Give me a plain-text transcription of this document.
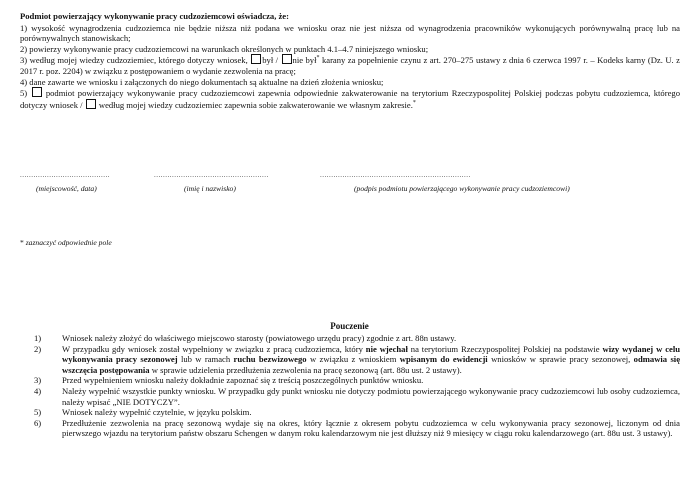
Podmiot powierzający wykonywanie pracy cudzoziemcowi oświadcza, że:

1) wysokość wynagrodzenia cudzoziemca nie będzie niższa niż podana we wniosku oraz nie jest niższa od wynagrodzenia pracowników wykonujących porównywalną pracę lub na porównywalnych stanowiskach;

2) powierzy wykonywanie pracy cudzoziemcowi na warunkach określonych w punktach 4.1–4.7 niniejszego wniosku;

3) według mojej wiedzy cudzoziemiec, którego dotyczy wniosek, był / nie był* karany za popełnienie czynu z art. 270–275 ustawy z dnia 6 czerwca 1997 r. – Kodeks karny (Dz. U. z 2017 r. poz. 2204) w związku z postępowaniem o wydanie zezwolenia na pracę;

4) dane zawarte we wniosku i załączonych do niego dokumentach są aktualne na dzień złożenia wniosku;

5) podmiot powierzający wykonywanie pracy cudzoziemcowi zapewnia odpowiednie zakwaterowanie na terytorium Rzeczypospolitej Polskiej podczas pobytu cudzoziemca, którego dotyczy wniosek / według mojej wiedzy cudzoziemiec zapewnia sobie zakwaterowanie we własnym zakresie.*

........................................	...................................................	...................................................................
(miejscowość, data)	(imię i nazwisko)	(podpis podmiotu powierzającego wykonywanie pracy cudzoziemcowi)
* zaznaczyć odpowiednie pole
Pouczenie
1) Wniosek należy złożyć do właściwego miejscowo starosty (powiatowego urzędu pracy) zgodnie z art. 88n ustawy.
2) W przypadku gdy wniosek został wypełniony w związku z pracą cudzoziemca, który nie wjechał na terytorium Rzeczypospolitej Polskiej na podstawie wizy wydanej w celu wykonywania pracy sezonowej lub w ramach ruchu bezwizowego w związku z wnioskiem wpisanym do ewidencji wniosków w sprawie pracy sezonowej, odmawia się wszczęcia postępowania w sprawie udzielenia przedłużenia zezwolenia na pracę sezonową (art. 88u ust. 2 ustawy).
3) Przed wypełnieniem wniosku należy dokładnie zapoznać się z treścią poszczególnych punktów wniosku.
4) Należy wypełnić wszystkie punkty wniosku. W przypadku gdy punkt wniosku nie dotyczy podmiotu powierzającego wykonywanie pracy cudzoziemcowi lub osoby cudzoziemca, należy wpisać „NIE DOTYCZY”.
5) Wniosek należy wypełnić czytelnie, w języku polskim.
6) Przedłużenie zezwolenia na pracę sezonową wydaje się na okres, który łącznie z okresem pobytu cudzoziemca w celu wykonywania pracy sezonowej, liczonym od dnia pierwszego wjazdu na terytorium państw obszaru Schengen w danym roku kalendarzowym nie jest dłuższy niż 9 miesięcy w ciągu roku kalendarzowego (art. 88u ust. 3 ustawy).
